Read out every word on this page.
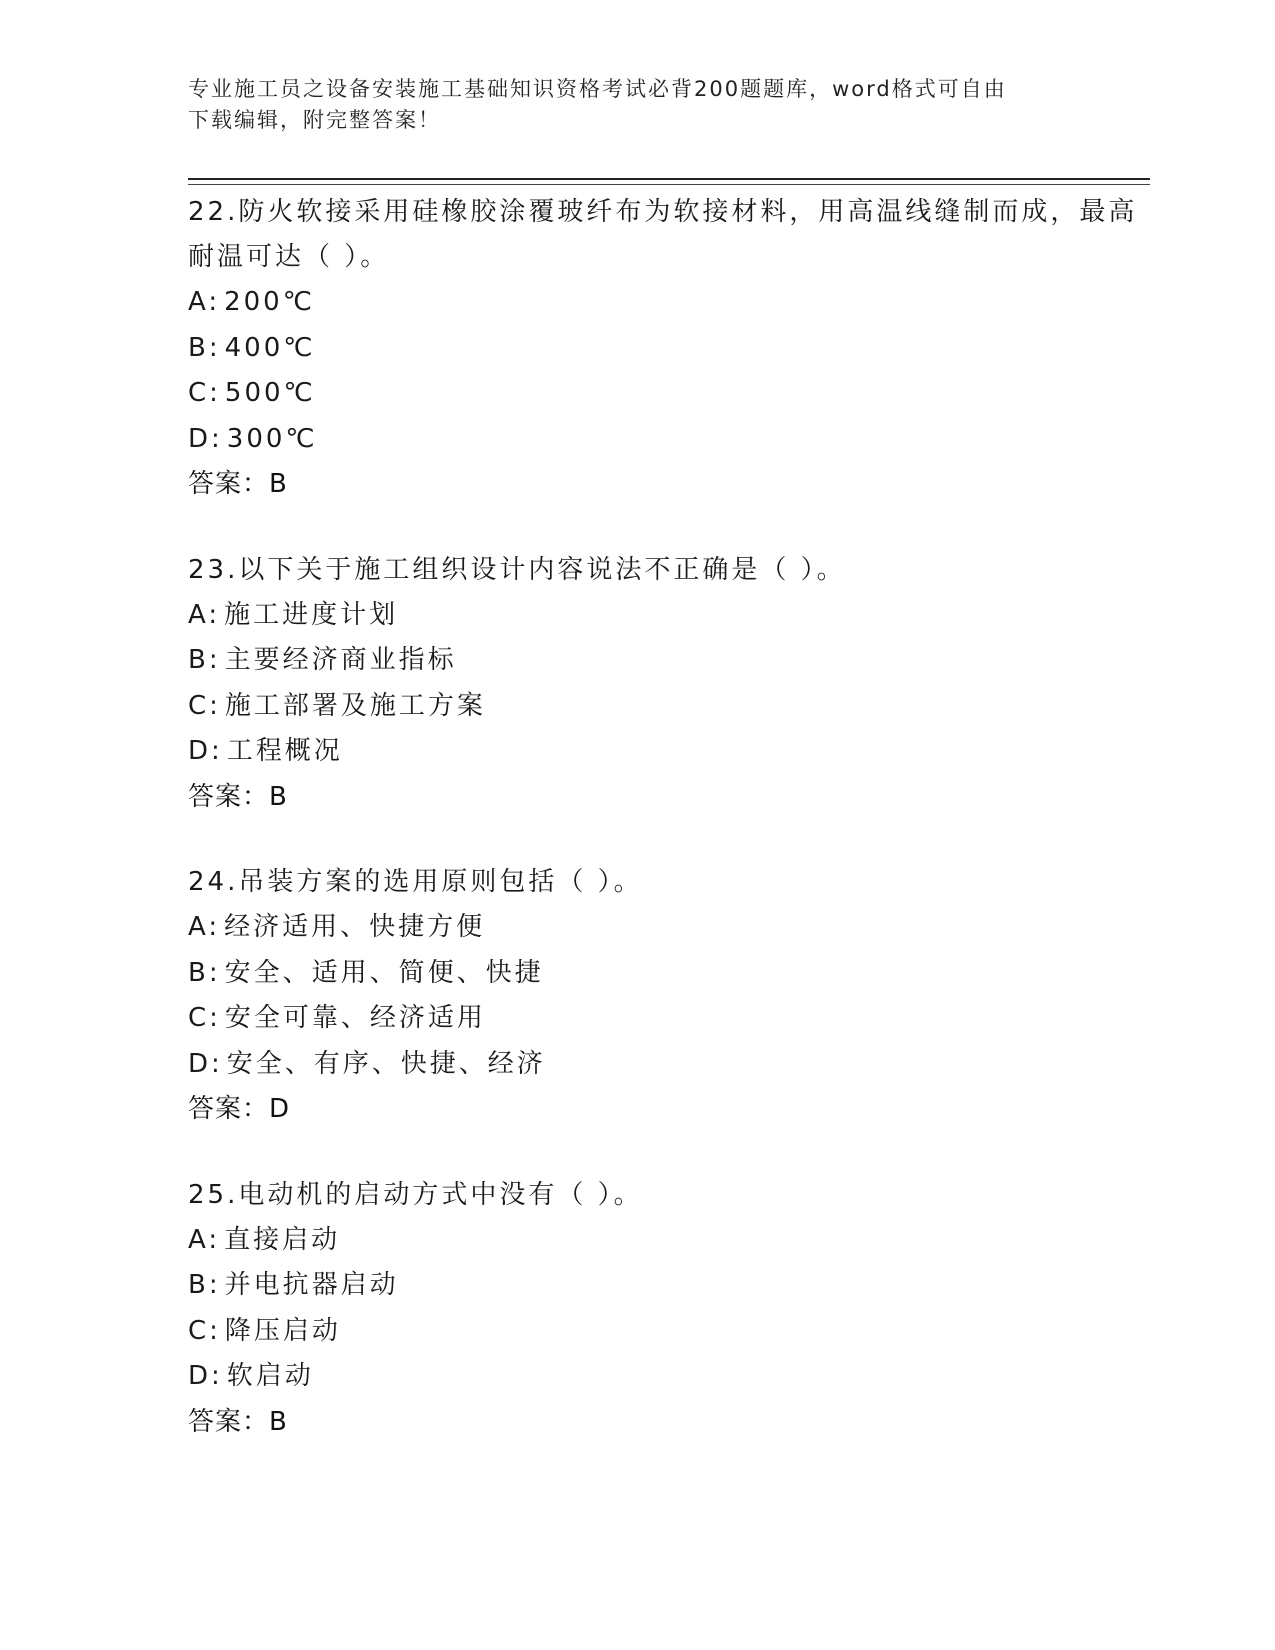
专业施工员之设备安装施工基础知识资格考试必背200题题库，word格式可自由
下载编辑，附完整答案！
22.防火软接采用硅橡胶涂覆玻纤布为软接材料，用高温线缝制而成，最高耐温可达（ ）。
A: 200℃
B: 400℃
C: 500℃
D: 300℃
答案：B
23.以下关于施工组织设计内容说法不正确是（ ）。
A: 施工进度计划
B: 主要经济商业指标
C: 施工部署及施工方案
D: 工程概况
答案：B
24.吊装方案的选用原则包括（ ）。
A: 经济适用、快捷方便
B: 安全、适用、简便、快捷
C: 安全可靠、经济适用
D: 安全、有序、快捷、经济
答案：D
25.电动机的启动方式中没有（ ）。
A: 直接启动
B: 并电抗器启动
C: 降压启动
D: 软启动
答案：B
